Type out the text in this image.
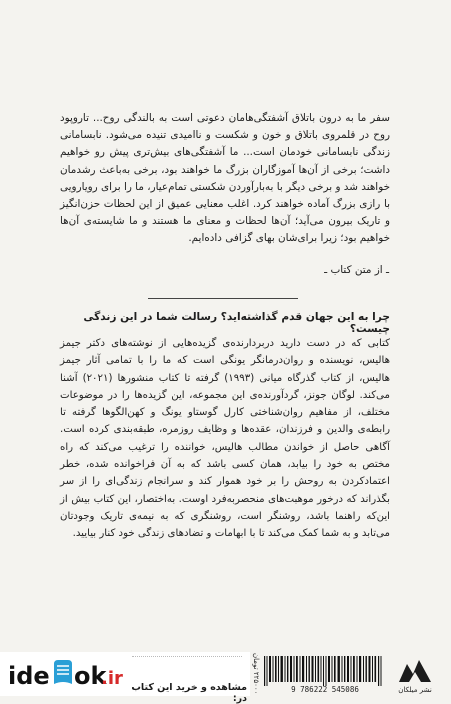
سفر ما به درون باتلاق آشفتگی‌هامان دعوتی است به بالندگی روح... تارو‌پود روح در قلمروی باتلاق و خون و شکست و ناامیدی تنیده می‌شود. نابسامانی زندگی نابسامانی خود‌مان است... ما آشفتگی‌های بیش‌تری پیش رو خواهیم داشت؛ برخی از آن‌ها آموزگاران بزرگ ما خواهند بود، برخی به‌باعث رشد‌مان خواهند شد و برخی دیگر با به‌بار‌آوردن شکستی تمام‌عیار، ما را برای رویارویی با رازی بزرگ آماده خواهند کرد. اغلب معنایی عمیق از این لحظات حزن‌انگیز و تاریک بیرون می‌آید؛ آن‌ها لحظات و معنای ما هستند و ما شایسته‌ی آن‌ها خواهیم بود؛ زیرا برای‌شان بهای گزافی داده‌ایم.

ـ از متن کتاب ـ
چرا به این جهان قدم گذاشته‌اید؟ رسالت شما در این زندگی چیست؟

کتابی که در دست دارید دربردارنده‌ی گزیده‌هایی از نوشته‌های دکتر جیمز هالیس، نویسنده و روان‌درمانگر یونگی است که ما را با تمامی آثار جیمز هالیس، از کتاب گذرگاه میانی (۱۹۹۳) گرفته تا کتاب منشورها (۲۰۲۱) آشنا می‌کند. لوگان جونز، گردآورنده‌ی این مجموعه، این گزیده‌ها را در موضوعات مختلف، از مفاهیم روان‌شناختی کارل گوستاو یونگ و کهن‌الگوها گرفته تا رابطه‌ی والدین و فرزندان، عقده‌ها و وظایف روزمره، طبقه‌بندی کرده است. آگاهی حاصل از خواندن مطالب هالیس، خواننده را ترغیب می‌کند که راه مختص به خود را بیابد، همان کسی باشد که به آن فراخوانده شده، خطر اعتماد‌کردن به روحش را بر خود هموار کند و سرانجام زندگی‌ای را از سر بگذراند که درخور موهبت‌های منحصربه‌فرد اوست. به‌اختصار، این کتاب بیش از این‌که راهنما باشد، روشنگر است، روشنگری که به نیمه‌ی تاریک وجودتان می‌تابد و به شما کمک می‌کند تا با ابهامات و تضادهای زندگی خود کنار بیایید.

ide ok
.ir مشاهده و خرید این کتاب در:
۲۲۵۰۰۰ تومان	9 786222 545086	نشر میلکان
